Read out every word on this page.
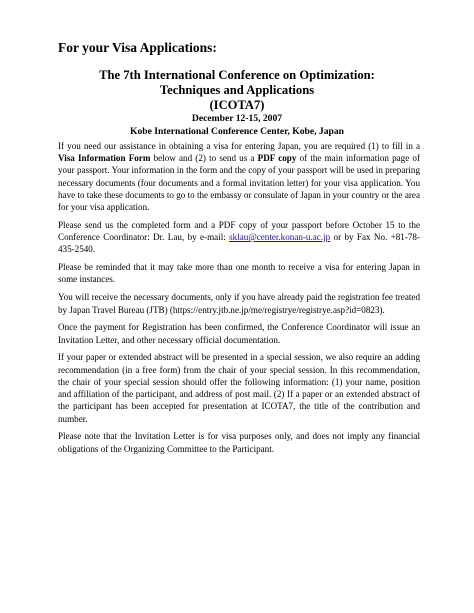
For your Visa Applications:
The 7th International Conference on Optimization:
Techniques and Applications
(ICOTA7)
December 12-15, 2007
Kobe International Conference Center, Kobe, Japan

If you need our assistance in obtaining a visa for entering Japan, you are required (1) to fill in a Visa Information Form below and (2) to send us a PDF copy of the main information page of your passport. Your information in the form and the copy of your passport will be used in preparing necessary documents (four documents and a formal invitation letter) for your visa application. You have to take these documents to go to the embassy or consulate of Japan in your country or the area for your visa application.

Please send us the completed form and a PDF copy of your passport before October 15 to the Conference Coordinator: Dr. Lau, by e-mail: sklau@center.konan-u.ac.jp or by Fax No. +81-78-435-2540.

Please be reminded that it may take more than one month to receive a visa for entering Japan in some instances.

You will receive the necessary documents, only if you have already paid the registration fee treated by Japan Travel Bureau (JTB) (https://entry.jtb.ne.jp/me/registrye/registrye.asp?id=0823).

Once the payment for Registration has been confirmed, the Conference Coordinator will issue an Invitation Letter, and other necessary official documentation.

If your paper or extended abstract will be presented in a special session, we also require an adding recommendation (in a free form) from the chair of your special session. In this recommendation, the chair of your special session should offer the following information: (1) your name, position and affiliation of the participant, and address of post mail. (2) If a paper or an extended abstract of the participant has been accepted for presentation at ICOTA7, the title of the contribution and number.

Please note that the Invitation Letter is for visa purposes only, and does not imply any financial obligations of the Organizing Committee to the Participant.
